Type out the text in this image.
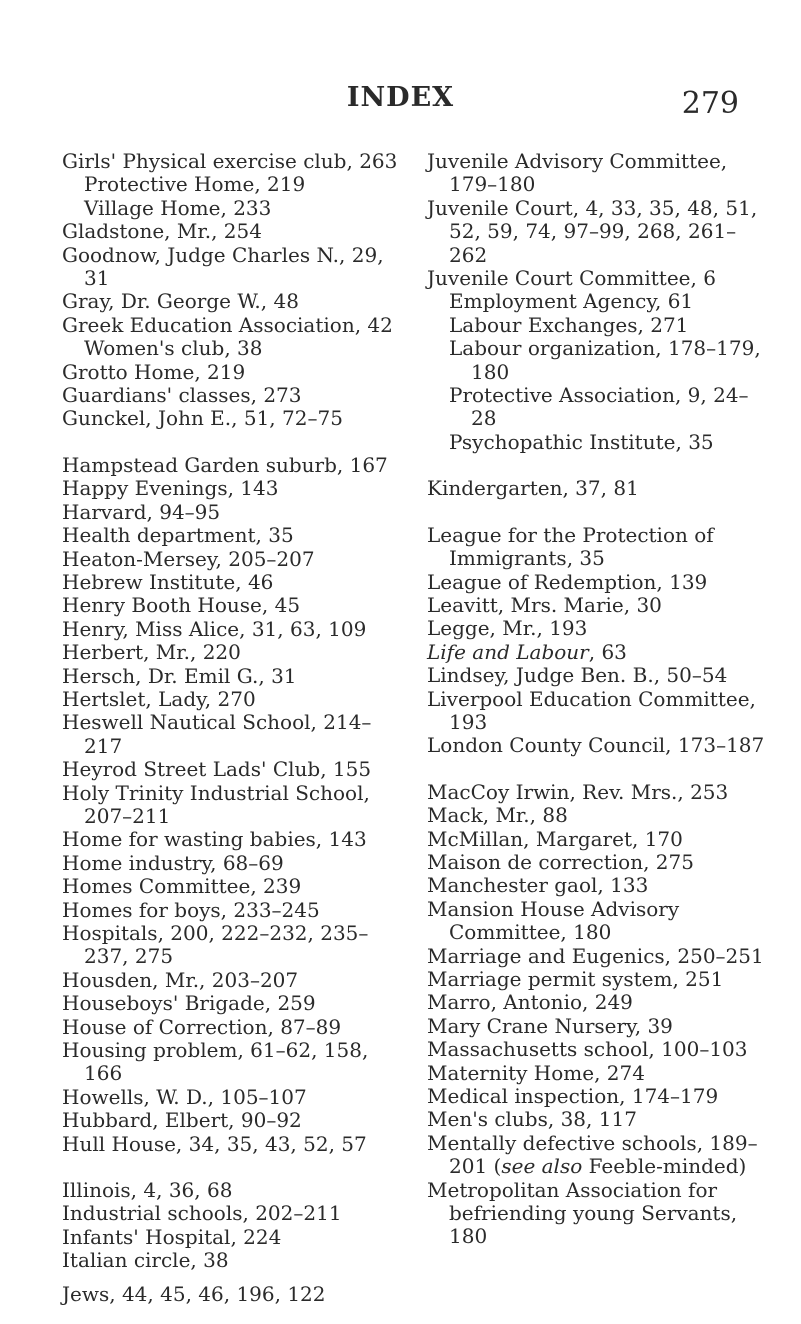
INDEX	279
Girls' Physical exercise club, 263
Protective Home, 219
Village Home, 233
Gladstone, Mr., 254
Goodnow, Judge Charles N., 29, 31
Gray, Dr. George W., 48
Greek Education Association, 42
Women's club, 38
Grotto Home, 219
Guardians' classes, 273
Gunckel, John E., 51, 72–75
Hampstead Garden suburb, 167
Happy Evenings, 143
Harvard, 94–95
Health department, 35
Heaton-Mersey, 205–207
Hebrew Institute, 46
Henry Booth House, 45
Henry, Miss Alice, 31, 63, 109
Herbert, Mr., 220
Hersch, Dr. Emil G., 31
Hertslet, Lady, 270
Heswell Nautical School, 214–217
Heyrod Street Lads' Club, 155
Holy Trinity Industrial School, 207–211
Home for wasting babies, 143
Home industry, 68–69
Homes Committee, 239
Homes for boys, 233–245
Hospitals, 200, 222–232, 235–237, 275
Housden, Mr., 203–207
Houseboys' Brigade, 259
House of Correction, 87–89
Housing problem, 61–62, 158, 166
Howells, W. D., 105–107
Hubbard, Elbert, 90–92
Hull House, 34, 35, 43, 52, 57
Illinois, 4, 36, 68
Industrial schools, 202–211
Infants' Hospital, 224
Italian circle, 38
Jews, 44, 45, 46, 196, 122
Juvenile Advisory Committee, 179–180
Juvenile Court, 4, 33, 35, 48, 51, 52, 59, 74, 97–99, 268, 261–262
Juvenile Court Committee, 6
Employment Agency, 61
Labour Exchanges, 271
Labour organization, 178–179, 180
Protective Association, 9, 24–28
Psychopathic Institute, 35
Kindergarten, 37, 81
League for the Protection of Immigrants, 35
League of Redemption, 139
Leavitt, Mrs. Marie, 30
Legge, Mr., 193
Life and Labour, 63
Lindsey, Judge Ben. B., 50–54
Liverpool Education Committee, 193
London County Council, 173–187
MacCoy Irwin, Rev. Mrs., 253
Mack, Mr., 88
McMillan, Margaret, 170
Maison de correction, 275
Manchester gaol, 133
Mansion House Advisory Committee, 180
Marriage and Eugenics, 250–251
Marriage permit system, 251
Marro, Antonio, 249
Mary Crane Nursery, 39
Massachusetts school, 100–103
Maternity Home, 274
Medical inspection, 174–179
Men's clubs, 38, 117
Mentally defective schools, 189–201 (see also Feeble-minded)
Metropolitan Association for befriending young Servants, 180
